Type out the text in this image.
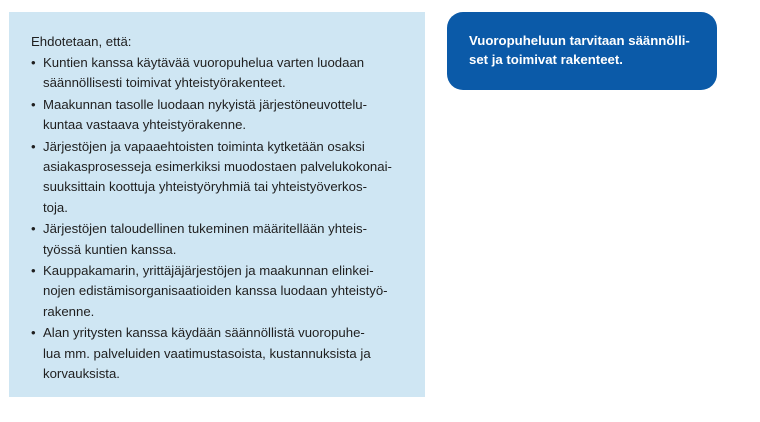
Ehdotetaan, että:

• Kuntien kanssa käytävää vuoropuhelua varten luodaan
säännöllisesti toimivat yhteistyörakenteet.
• Maakunnan tasolle luodaan nykyistä järjestöneuvottelu-
kuntaa vastaava yhteistyörakenne.
• Järjestöjen ja vapaaehtoisten toiminta kytketään osaksi
asiakasprosesseja esimerkiksi muodostaen palvelukokonai-
suuksittain koottuja yhteistyöryhmiä tai yhteistyöverkos-
toja.
• Järjestöjen taloudellinen tukeminen määritellään yhteis-
työssä kuntien kanssa.
• Kauppakamarin, yrittäjäjärjestöjen ja maakunnan elinkei-
nojen edistämisorganisaatioiden kanssa luodaan yhteistyö-
rakenne.
• Alan yritysten kanssa käydään säännöllistä vuoropuhe-
lua mm. palveluiden vaatimustasoista, kustannuksista ja
korvauksista.
Vuoropuheluun tarvitaan säännölli-
set ja toimivat rakenteet.
